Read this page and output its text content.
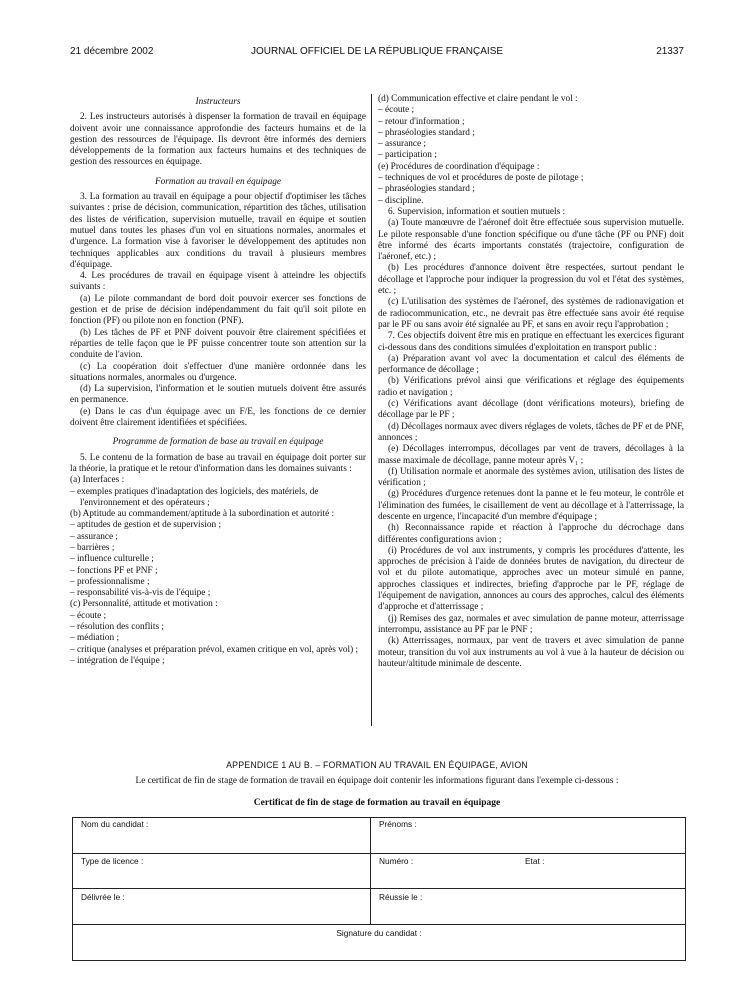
21 décembre 2002	JOURNAL OFFICIEL DE LA RÉPUBLIQUE FRANÇAISE	21337
Instructeurs

2. Les instructeurs autorisés à dispenser la formation de travail en équipage doivent avoir une connaissance approfondie des facteurs humains et de la gestion des ressources de l'équipage. Ils devront être informés des derniers développements de la formation aux facteurs humains et des techniques de gestion des ressources en équipage.

Formation au travail en équipage

3. La formation au travail en équipage a pour objectif d'optimiser les tâches suivantes : prise de décision, communication, répartition des tâches, utilisation des listes de vérification, supervision mutuelle, travail en équipe et soutien mutuel dans toutes les phases d'un vol en situations normales, anormales et d'urgence. La formation vise à favoriser le développement des aptitudes non techniques applicables aux conditions du travail à plusieurs membres d'équipage.

4. Les procédures de travail en équipage visent à atteindre les objectifs suivants :

(a) Le pilote commandant de bord doit pouvoir exercer ses fonctions de gestion et de prise de décision indépendamment du fait qu'il soit pilote en fonction (PF) ou pilote non en fonction (PNF).

(b) Les tâches de PF et PNF doivent pouvoir être clairement spécifiées et réparties de telle façon que le PF puisse concentrer toute son attention sur la conduite de l'avion.

(c) La coopération doit s'effectuer d'une manière ordonnée dans les situations normales, anormales ou d'urgence.

(d) La supervision, l'information et le soutien mutuels doivent être assurés en permanence.

(e) Dans le cas d'un équipage avec un F/E, les fonctions de ce dernier doivent être clairement identifiées et spécifiées.

Programme de formation de base au travail en équipage

5. Le contenu de la formation de base au travail en équipage doit porter sur la théorie, la pratique et le retour d'information dans les domaines suivants :

(a) Interfaces :

– exemples pratiques d'inadaptation des logiciels, des matériels, de l'environnement et des opérateurs ;

(b) Aptitude au commandement/aptitude à la subordination et autorité :

– aptitudes de gestion et de supervision ;

– assurance ;

– barrières ;

– influence culturelle ;

– fonctions PF et PNF ;

– professionnalisme ;

– responsabilité vis-à-vis de l'équipe ;

(c) Personnalité, attitude et motivation :

– écoute ;

– résolution des conflits ;

– médiation ;

– critique (analyses et préparation prévol, examen critique en vol, après vol) ;

– intégration de l'équipe ;

(d) Communication effective et claire pendant le vol :

– écoute ;

– retour d'information ;

– phraséologies standard ;

– assurance ;

– participation ;

(e) Procédures de coordination d'équipage :

– techniques de vol et procédures de poste de pilotage ;

– phraséologies standard ;

– discipline.

6. Supervision, information et soutien mutuels :

(a) Toute manœuvre de l'aéronef doit être effectuée sous supervision mutuelle. Le pilote responsable d'une fonction spécifique ou d'une tâche (PF ou PNF) doit être informé des écarts importants constatés (trajectoire, configuration de l'aéronef, etc.) ;

(b) Les procédures d'annonce doivent être respectées, surtout pendant le décollage et l'approche pour indiquer la progression du vol et l'état des systèmes, etc. ;

(c) L'utilisation des systèmes de l'aéronef, des systèmes de radionavigation et de radiocommunication, etc., ne devrait pas être effectuée sans avoir été requise par le PF ou sans avoir été signalée au PF, et sans en avoir reçu l'approbation ;

7. Ces objectifs doivent être mis en pratique en effectuant les exercices figurant ci-dessous dans des conditions simulées d'exploitation en transport public :

(a) Préparation avant vol avec la documentation et calcul des éléments de performance de décollage ;

(b) Vérifications prévol ainsi que vérifications et réglage des équipements radio et navigation ;

(c) Vérifications avant décollage (dont vérifications moteurs), briefing de décollage par le PF ;

(d) Décollages normaux avec divers réglages de volets, tâches de PF et de PNF, annonces ;

(e) Décollages interrompus, décollages par vent de travers, décollages à la masse maximale de décollage, panne moteur après V₁ ;

(f) Utilisation normale et anormale des systèmes avion, utilisation des listes de vérification ;

(g) Procédures d'urgence retenues dont la panne et le feu moteur, le contrôle et l'élimination des fumées, le cisaillement de vent au décollage et à l'atterrissage, la descente en urgence, l'incapacité d'un membre d'équipage ;

(h) Reconnaissance rapide et réaction à l'approche du décrochage dans différentes configurations avion ;

(i) Procédures de vol aux instruments, y compris les procédures d'attente, les approches de précision à l'aide de données brutes de navigation, du directeur de vol et du pilote automatique, approches avec un moteur simulé en panne, approches classiques et indirectes, briefing d'approche par le PF, réglage de l'équipement de navigation, annonces au cours des approches, calcul des éléments d'approche et d'atterrissage ;

(j) Remises des gaz, normales et avec simulation de panne moteur, atterrissage interrompu, assistance au PF par le PNF ;

(k) Atterrissages, normaux, par vent de travers et avec simulation de panne moteur, transition du vol aux instruments au vol à vue à la hauteur de décision ou hauteur/altitude minimale de descente.

APPENDICE 1 AU B. – FORMATION AU TRAVAIL EN ÉQUIPAGE, AVION
Le certificat de fin de stage de formation de travail en équipage doit contenir les informations figurant dans l'exemple ci-dessous :
Certificat de fin de stage de formation au travail en équipage
Nom du candidat :	Prénoms :
Type de licence :	Numéro :	Etat :
Délivrée le :	Réussie le :
Signature du candidat :
